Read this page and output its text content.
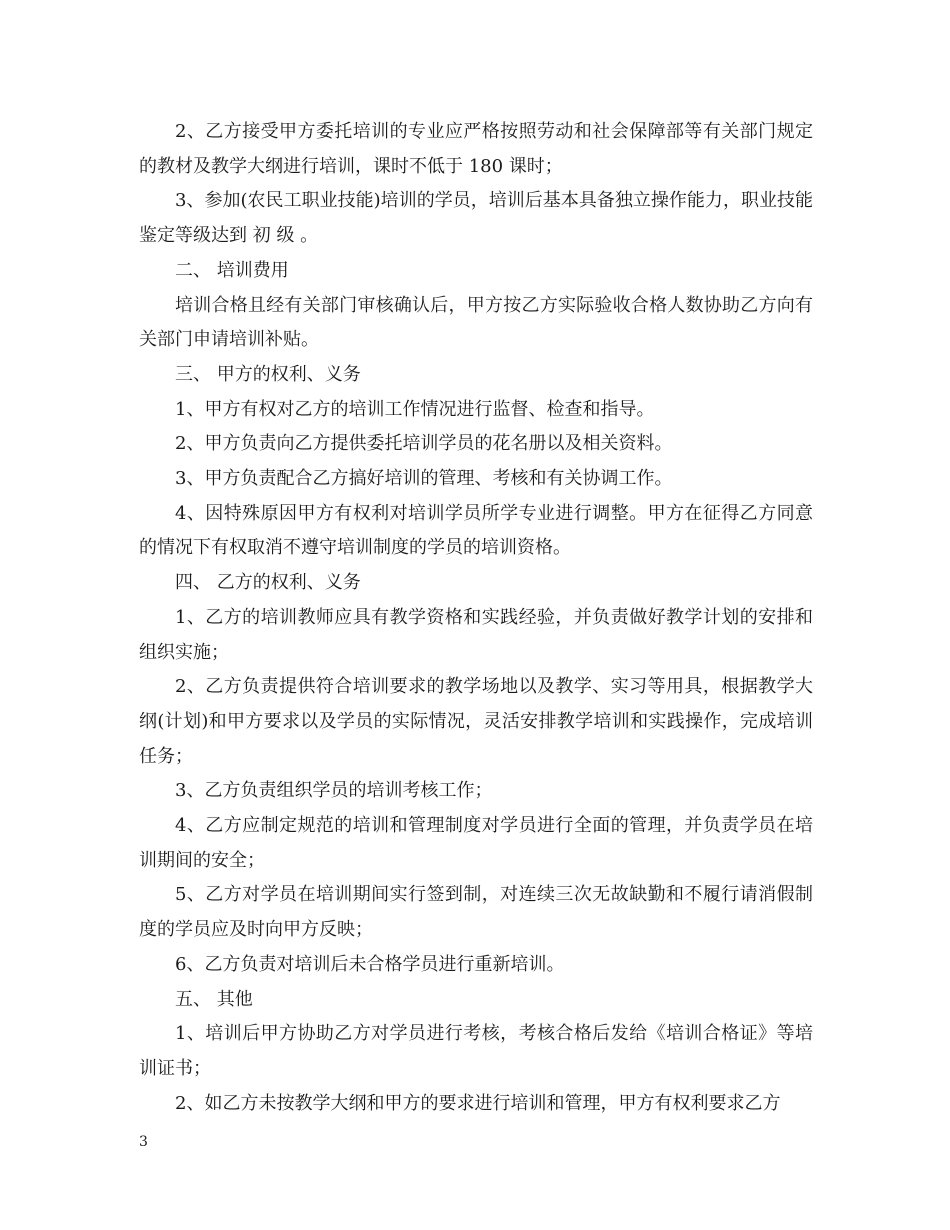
2、乙方接受甲方委托培训的专业应严格按照劳动和社会保障部等有关部门规定的教材及教学大纲进行培训，课时不低于 180 课时；

3、参加(农民工职业技能)培训的学员，培训后基本具备独立操作能力，职业技能鉴定等级达到 初 级 。

二、 培训费用

培训合格且经有关部门审核确认后，甲方按乙方实际验收合格人数协助乙方向有关部门申请培训补贴。

三、 甲方的权利、义务

1、甲方有权对乙方的培训工作情况进行监督、检查和指导。

2、甲方负责向乙方提供委托培训学员的花名册以及相关资料。

3、甲方负责配合乙方搞好培训的管理、考核和有关协调工作。

4、因特殊原因甲方有权利对培训学员所学专业进行调整。甲方在征得乙方同意的情况下有权取消不遵守培训制度的学员的培训资格。

四、 乙方的权利、义务

1、乙方的培训教师应具有教学资格和实践经验，并负责做好教学计划的安排和组织实施；

2、乙方负责提供符合培训要求的教学场地以及教学、实习等用具，根据教学大纲(计划)和甲方要求以及学员的实际情况，灵活安排教学培训和实践操作，完成培训任务；

3、乙方负责组织学员的培训考核工作；

4、乙方应制定规范的培训和管理制度对学员进行全面的管理，并负责学员在培训期间的安全；

5、乙方对学员在培训期间实行签到制，对连续三次无故缺勤和不履行请消假制度的学员应及时向甲方反映；

6、乙方负责对培训后未合格学员进行重新培训。

五、 其他

1、培训后甲方协助乙方对学员进行考核，考核合格后发给《培训合格证》等培训证书；

2、如乙方未按教学大纲和甲方的要求进行培训和管理，甲方有权利要求乙方

3
